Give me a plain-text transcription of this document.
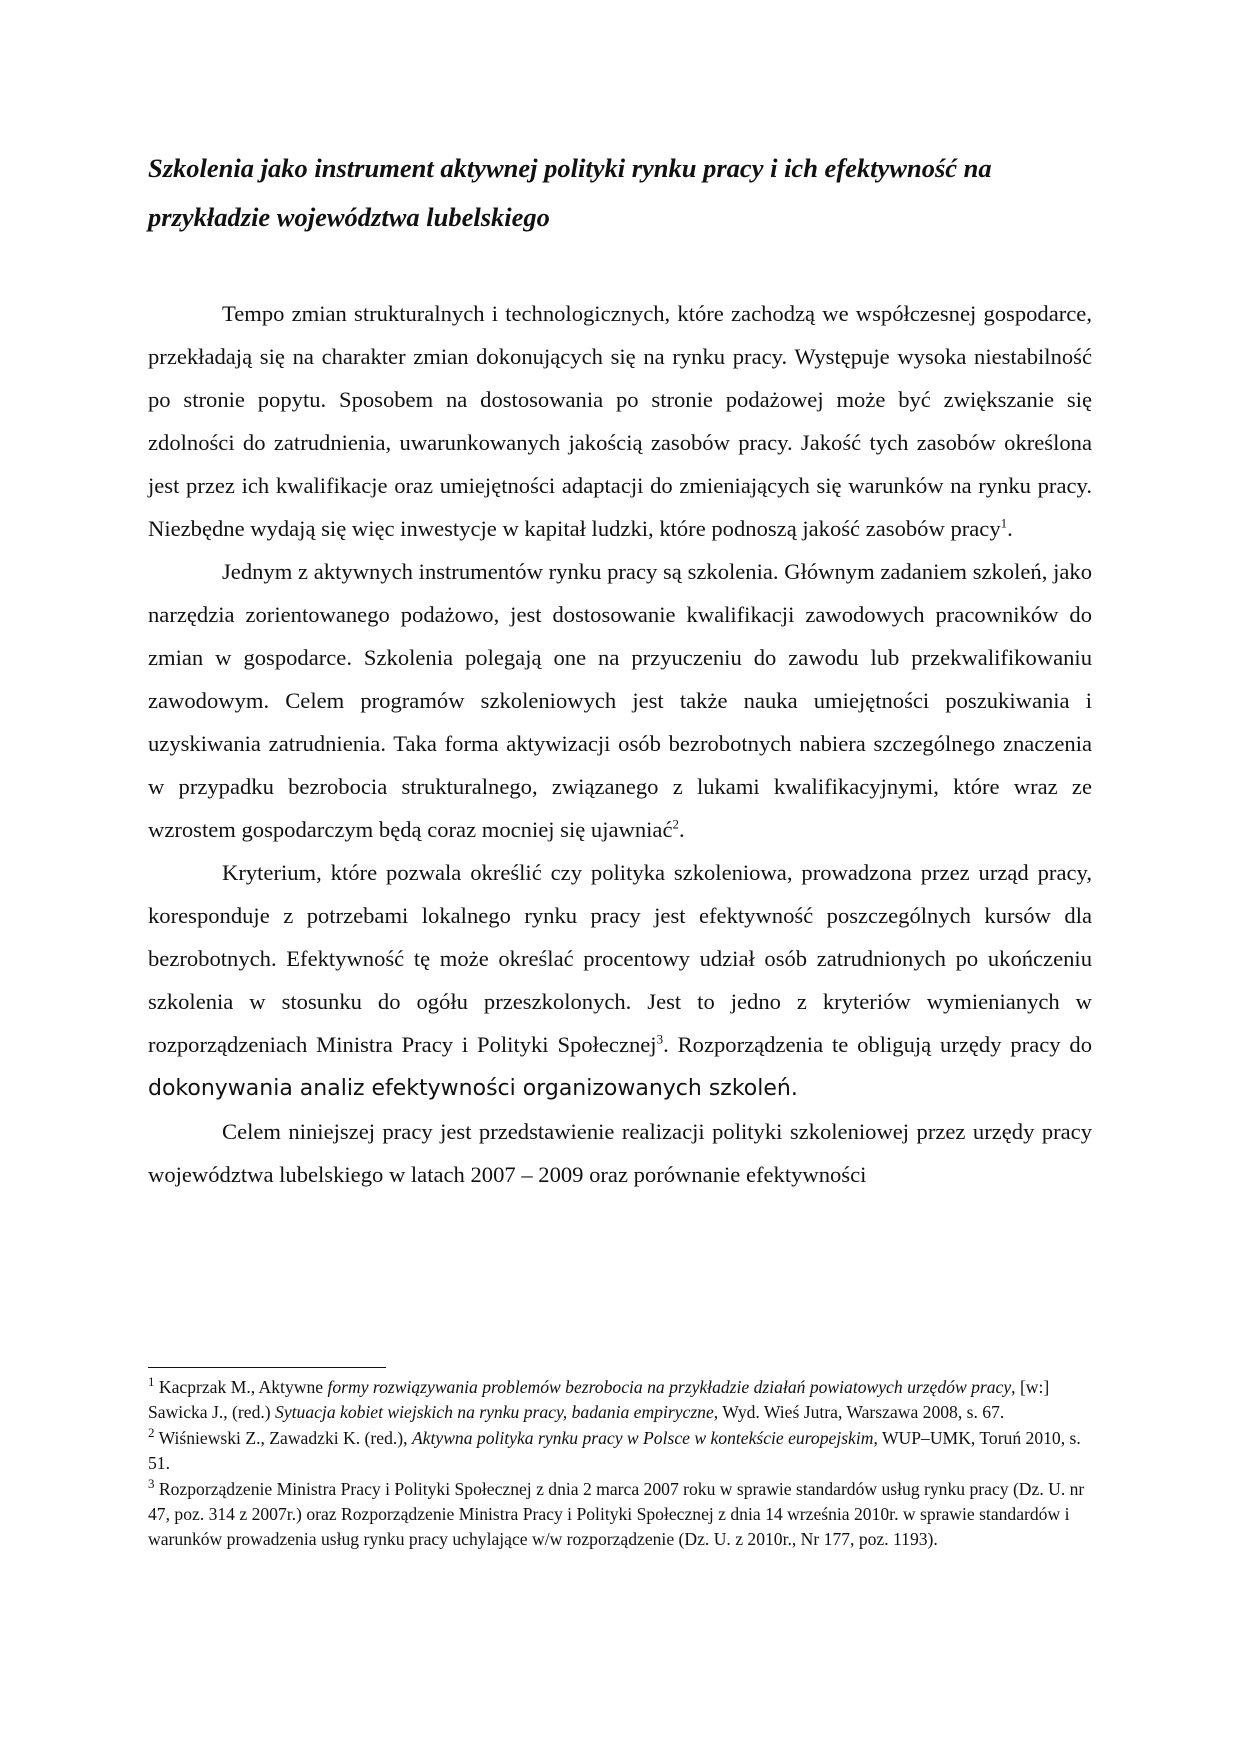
Szkolenia jako instrument aktywnej polityki rynku pracy i ich efektywność na przykładzie województwa lubelskiego

Tempo zmian strukturalnych i technologicznych, które zachodzą we współczesnej gospodarce, przekładają się na charakter zmian dokonujących się na rynku pracy. Występuje wysoka niestabilność po stronie popytu. Sposobem na dostosowania po stronie podażowej może być zwiększanie się zdolności do zatrudnienia, uwarunkowanych jakością zasobów pracy. Jakość tych zasobów określona jest przez ich kwalifikacje oraz umiejętności adaptacji do zmieniających się warunków na rynku pracy. Niezbędne wydają się więc inwestycje w kapitał ludzki, które podnoszą jakość zasobów pracy$^1$.

Jednym z aktywnych instrumentów rynku pracy są szkolenia. Głównym zadaniem szkoleń, jako narzędzia zorientowanego podażowo, jest dostosowanie kwalifikacji zawodowych pracowników do zmian w gospodarce. Szkolenia polegają one na przyuczeniu do zawodu lub przekwalifikowaniu zawodowym. Celem programów szkoleniowych jest także nauka umiejętności poszukiwania i uzyskiwania zatrudnienia. Taka forma aktywizacji osób bezrobotnych nabiera szczególnego znaczenia w przypadku bezrobocia strukturalnego, związanego z lukami kwalifikacyjnymi, które wraz ze wzrostem gospodarczym będą coraz mocniej się ujawniać$^2$.

Kryterium, które pozwala określić czy polityka szkoleniowa, prowadzona przez urząd pracy, koresponduje z potrzebami lokalnego rynku pracy jest efektywność poszczególnych kursów dla bezrobotnych. Efektywność tę może określać procentowy udział osób zatrudnionych po ukończeniu szkolenia w stosunku do ogółu przeszkolonych. Jest to jedno z kryteriów wymienianych w rozporządzeniach Ministra Pracy i Polityki Społecznej$^3$. Rozporządzenia te obligują urzędy pracy do dokonywania analiz efektywności organizowanych szkoleń.

Celem niniejszej pracy jest przedstawienie realizacji polityki szkoleniowej przez urzędy pracy województwa lubelskiego w latach 2007 – 2009 oraz porównanie efektywności

$^1$ Kacprzak M., Aktywne formy rozwiązywania problemów bezrobocia na przykładzie działań powiatowych urzędów pracy, [w:] Sawicka J., (red.) Sytuacja kobiet wiejskich na rynku pracy, badania empiryczne, Wyd. Wieś Jutra, Warszawa 2008, s. 67.

$^2$ Wiśniewski Z., Zawadzki K. (red.), Aktywna polityka rynku pracy w Polsce w kontekście europejskim, WUP–UMK, Toruń 2010, s. 51.

$^3$ Rozporządzenie Ministra Pracy i Polityki Społecznej z dnia 2 marca 2007 roku w sprawie standardów usług rynku pracy (Dz. U. nr 47, poz. 314 z 2007r.) oraz Rozporządzenie Ministra Pracy i Polityki Społecznej z dnia 14 września 2010r. w sprawie standardów i warunków prowadzenia usług rynku pracy uchylające w/w rozporządzenie (Dz. U. z 2010r., Nr 177, poz. 1193).
